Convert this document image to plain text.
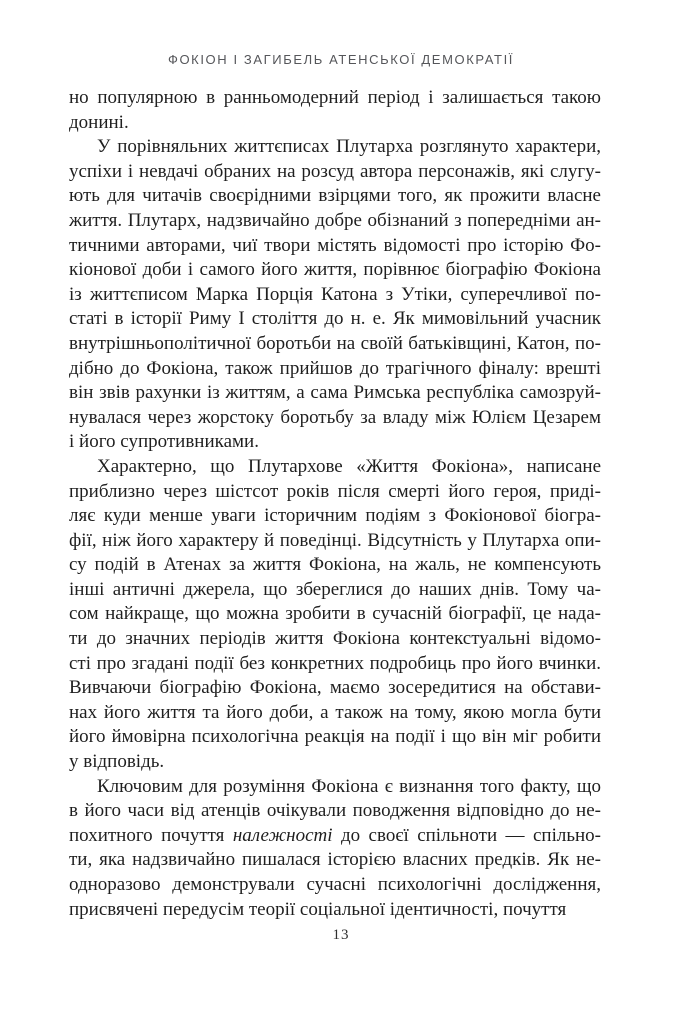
ФОКІОН І ЗАГИБЕЛЬ АТЕНСЬКОЇ ДЕМОКРАТІЇ
но популярною в ранньомодерний період і залишається такою
донині.
У порівняльних життєписах Плутарха розглянуто характери,
успіхи і невдачі обраних на розсуд автора персонажів, які слугу-
ють для читачів своєрідними взірцями того, як прожити власне
життя. Плутарх, надзвичайно добре обізнаний з попередніми ан-
тичними авторами, чиї твори містять відомості про історію Фо-
кіонової доби і самого його життя, порівнює біографію Фокіона
із життєписом Марка Порція Катона з Утіки, суперечливої по-
статі в історії Риму I століття до н. е. Як мимовільний учасник
внутрішньополітичної боротьби на своїй батьківщині, Катон, по-
дібно до Фокіона, також прийшов до трагічного фіналу: врешті
він звів рахунки із життям, а сама Римська республіка самозруй-
нувалася через жорстоку боротьбу за владу між Юлієм Цезарем
і його супротивниками.
Характерно, що Плутархове «Життя Фокіона», написане
приблизно через шістсот років після смерті його героя, приді-
ляє куди менше уваги історичним подіям з Фокіонової біогра-
фії, ніж його характеру й поведінці. Відсутність у Плутарха опи-
су подій в Атенах за життя Фокіона, на жаль, не компенсують
інші античні джерела, що збереглися до наших днів. Тому ча-
сом найкраще, що можна зробити в сучасній біографії, це нада-
ти до значних періодів життя Фокіона контекстуальні відомо-
сті про згадані події без конкретних подробиць про його вчинки.
Вивчаючи біографію Фокіона, маємо зосередитися на обстави-
нах його життя та його доби, а також на тому, якою могла бути
його ймовірна психологічна реакція на події і що він міг робити
у відповідь.
Ключовим для розуміння Фокіона є визнання того факту, що
в його часи від атенців очікували поводження відповідно до не-
похитного почуття належності до своєї спільноти — спільно-
ти, яка надзвичайно пишалася історією власних предків. Як не-
одноразово демонстрували сучасні психологічні дослідження,
присвячені передусім теорії соціальної ідентичності, почуття
13
